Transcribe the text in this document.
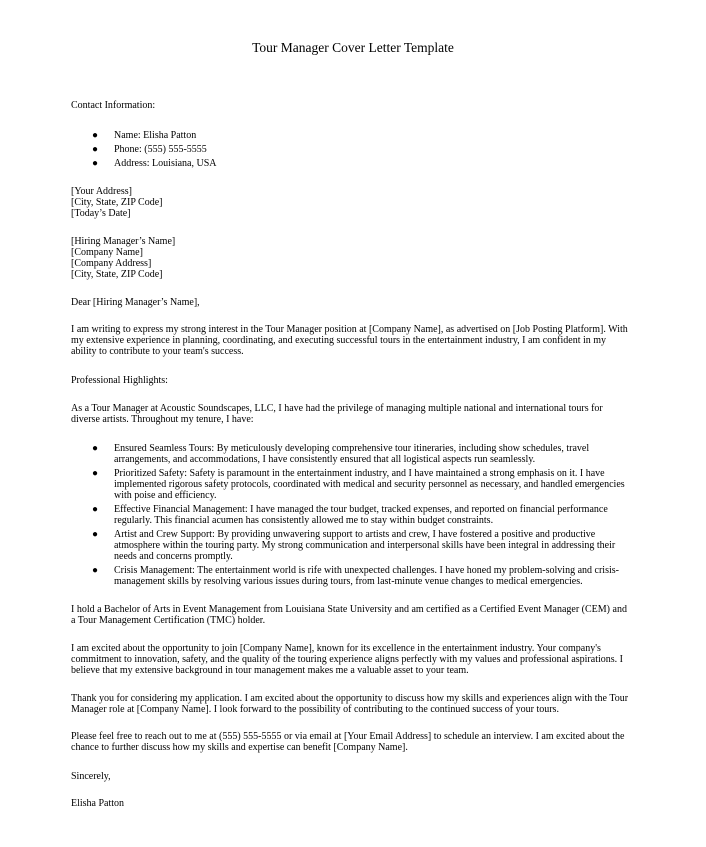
Tour Manager Cover Letter Template
Contact Information:
● Name: Elisha Patton
● Phone: (555) 555-5555
● Address: Louisiana, USA
[Your Address]
[City, State, ZIP Code]
[Today’s Date]
[Hiring Manager’s Name]
[Company Name]
[Company Address]
[City, State, ZIP Code]
Dear [Hiring Manager’s Name],
I am writing to express my strong interest in the Tour Manager position at [Company Name], as advertised on [Job Posting Platform]. With my extensive experience in planning, coordinating, and executing successful tours in the entertainment industry, I am confident in my ability to contribute to your team's success.
Professional Highlights:
As a Tour Manager at Acoustic Soundscapes, LLC, I have had the privilege of managing multiple national and international tours for diverse artists. Throughout my tenure, I have:
● Ensured Seamless Tours: By meticulously developing comprehensive tour itineraries, including show schedules, travel arrangements, and accommodations, I have consistently ensured that all logistical aspects run seamlessly.
● Prioritized Safety: Safety is paramount in the entertainment industry, and I have maintained a strong emphasis on it. I have implemented rigorous safety protocols, coordinated with medical and security personnel as necessary, and handled emergencies with poise and efficiency.
● Effective Financial Management: I have managed the tour budget, tracked expenses, and reported on financial performance regularly. This financial acumen has consistently allowed me to stay within budget constraints.
● Artist and Crew Support: By providing unwavering support to artists and crew, I have fostered a positive and productive atmosphere within the touring party. My strong communication and interpersonal skills have been integral in addressing their needs and concerns promptly.
● Crisis Management: The entertainment world is rife with unexpected challenges. I have honed my problem-solving and crisis-management skills by resolving various issues during tours, from last-minute venue changes to medical emergencies.
I hold a Bachelor of Arts in Event Management from Louisiana State University and am certified as a Certified Event Manager (CEM) and a Tour Management Certification (TMC) holder.
I am excited about the opportunity to join [Company Name], known for its excellence in the entertainment industry. Your company's commitment to innovation, safety, and the quality of the touring experience aligns perfectly with my values and professional aspirations. I believe that my extensive background in tour management makes me a valuable asset to your team.
Thank you for considering my application. I am excited about the opportunity to discuss how my skills and experiences align with the Tour Manager role at [Company Name]. I look forward to the possibility of contributing to the continued success of your tours.
Please feel free to reach out to me at (555) 555-5555 or via email at [Your Email Address] to schedule an interview. I am excited about the chance to further discuss how my skills and expertise can benefit [Company Name].
Sincerely,
Elisha Patton
